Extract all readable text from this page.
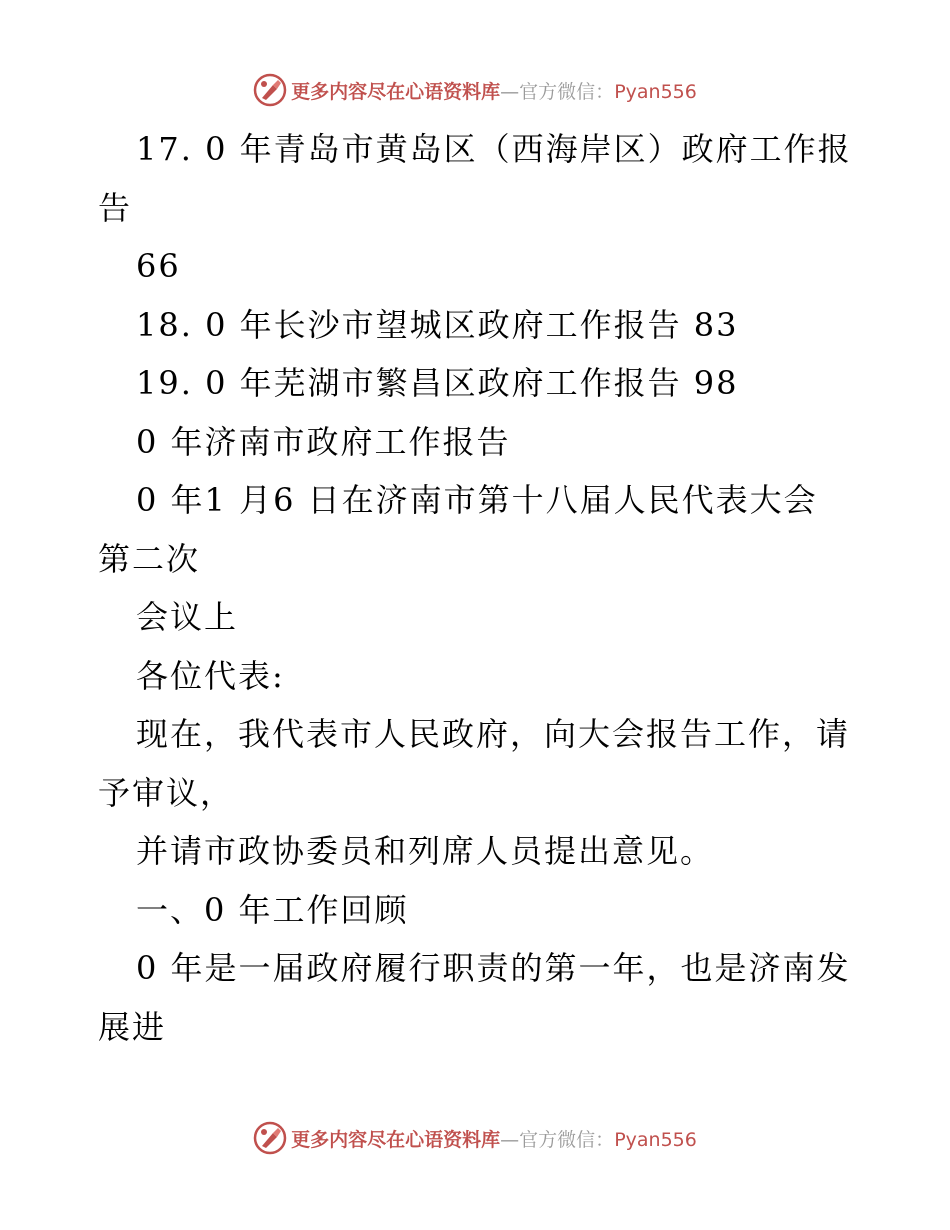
更多内容尽在心语资料库—官方微信：Pyan556
17. 0 年青岛市黄岛区（西海岸区）政府工作报
告
66
18. 0 年长沙市望城区政府工作报告 83
19. 0 年芜湖市繁昌区政府工作报告 98
0 年济南市政府工作报告
0 年1 月6 日在济南市第十八届人民代表大会
第二次
会议上
各位代表:
现在，我代表市人民政府，向大会报告工作，请
予审议，
并请市政协委员和列席人员提出意见。
一、0 年工作回顾
0 年是一届政府履行职责的第一年，也是济南发
展进
更多内容尽在心语资料库—官方微信：Pyan556
